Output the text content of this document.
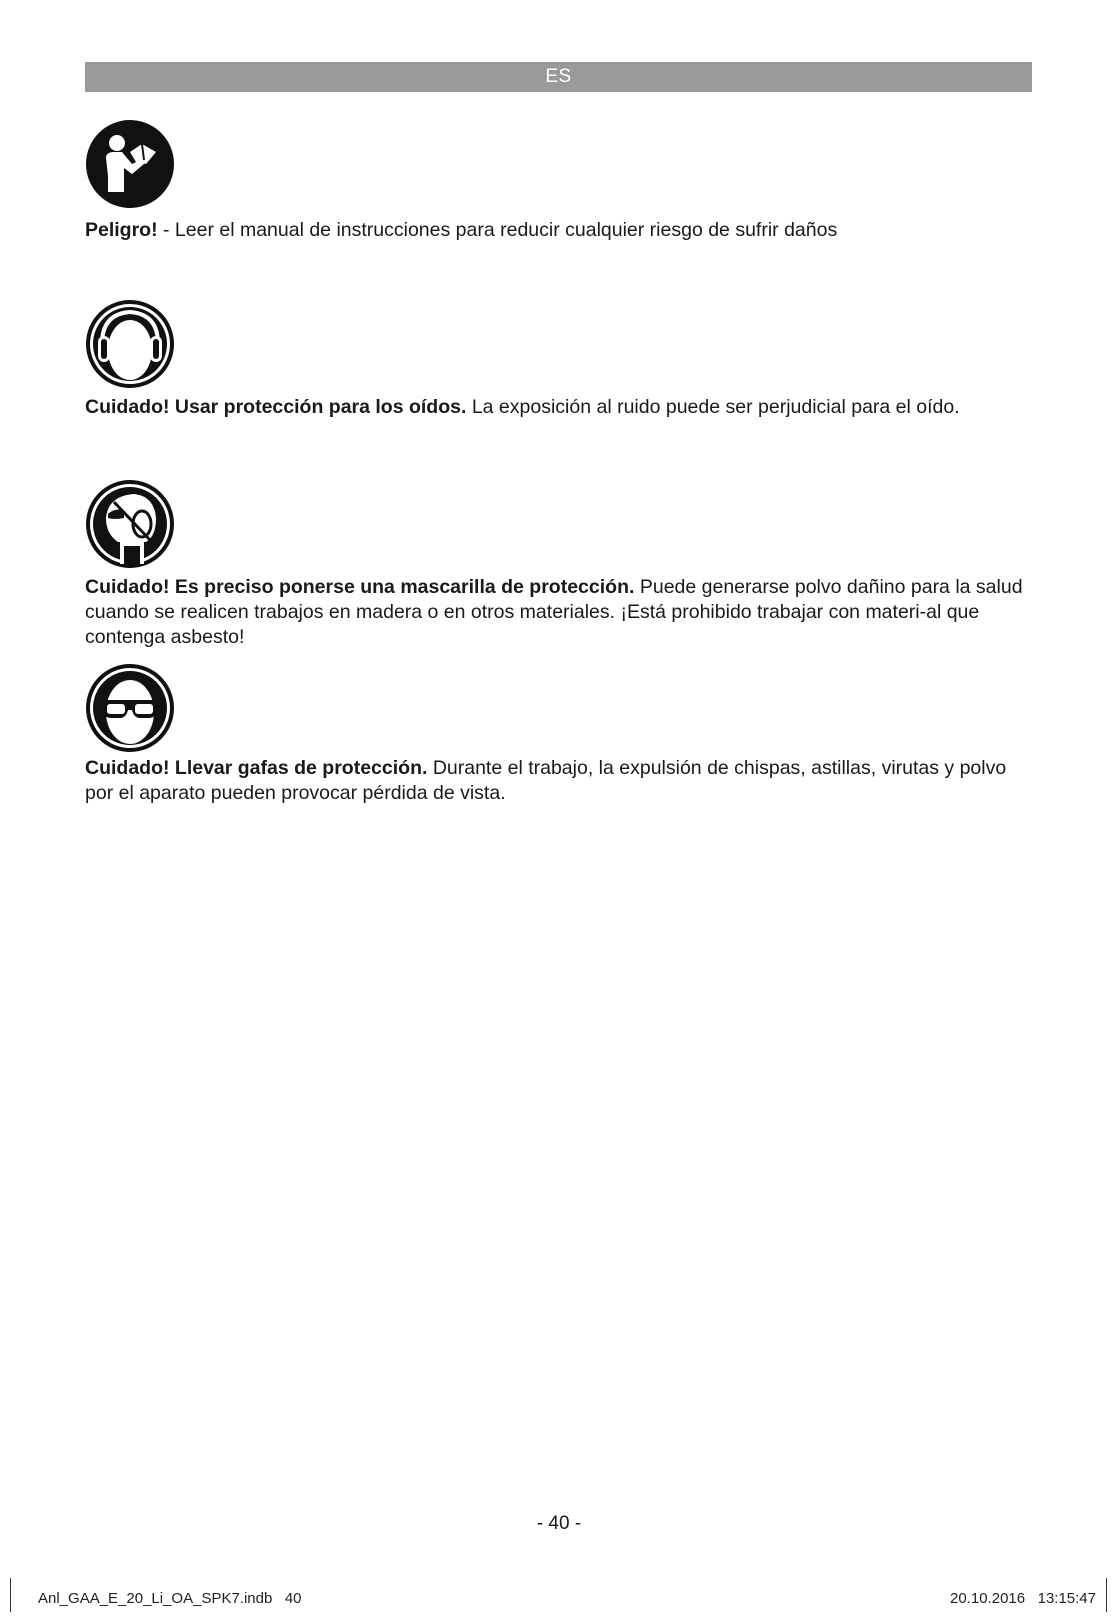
ES

Peligro! - Leer el manual de instrucciones para reducir cualquier riesgo de sufrir daños

Cuidado! Usar protección para los oídos. La exposición al ruido puede ser perjudicial para el oído.

Cuidado! Es preciso ponerse una mascarilla de protección. Puede generarse polvo dañino para la salud cuando se realicen trabajos en madera o en otros materiales. ¡Está prohibido trabajar con materi-al que contenga asbesto!

Cuidado! Llevar gafas de protección. Durante el trabajo, la expulsión de chispas, astillas, virutas y polvo por el aparato pueden provocar pérdida de vista.

- 40 -
Anl_GAA_E_20_Li_OA_SPK7.indb   40	20.10.2016   13:15:47
